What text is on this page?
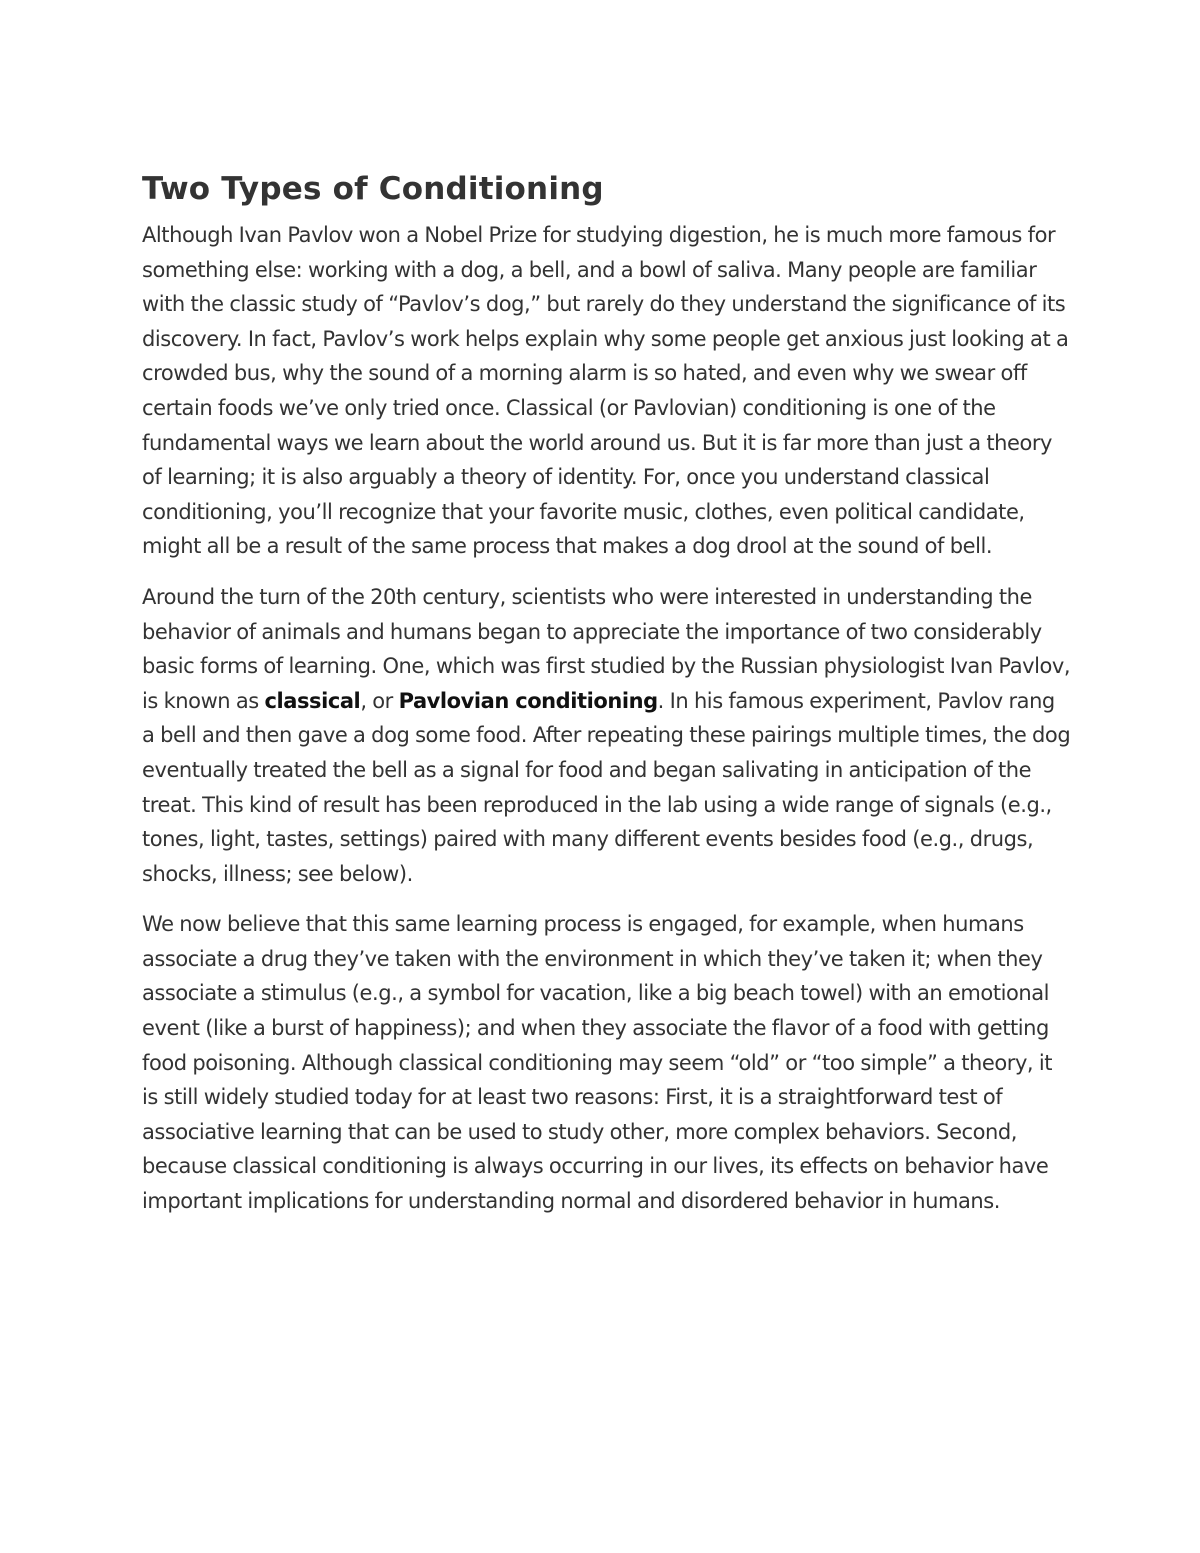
Two Types of Conditioning

Although Ivan Pavlov won a Nobel Prize for studying digestion, he is much more famous for something else: working with a dog, a bell, and a bowl of saliva. Many people are familiar with the classic study of “Pavlov’s dog,” but rarely do they understand the significance of its discovery. In fact, Pavlov’s work helps explain why some people get anxious just looking at a crowded bus, why the sound of a morning alarm is so hated, and even why we swear off certain foods we’ve only tried once. Classical (or Pavlovian) conditioning is one of the fundamental ways we learn about the world around us. But it is far more than just a theory of learning; it is also arguably a theory of identity. For, once you understand classical conditioning, you’ll recognize that your favorite music, clothes, even political candidate, might all be a result of the same process that makes a dog drool at the sound of bell.

Around the turn of the 20th century, scientists who were interested in understanding the behavior of animals and humans began to appreciate the importance of two considerably basic forms of learning. One, which was first studied by the Russian physiologist Ivan Pavlov, is known as classical, or Pavlovian conditioning. In his famous experiment, Pavlov rang a bell and then gave a dog some food. After repeating these pairings multiple times, the dog eventually treated the bell as a signal for food and began salivating in anticipation of the treat. This kind of result has been reproduced in the lab using a wide range of signals (e.g., tones, light, tastes, settings) paired with many different events besides food (e.g., drugs, shocks, illness; see below).

We now believe that this same learning process is engaged, for example, when humans associate a drug they’ve taken with the environment in which they’ve taken it; when they associate a stimulus (e.g., a symbol for vacation, like a big beach towel) with an emotional event (like a burst of happiness); and when they associate the flavor of a food with getting food poisoning. Although classical conditioning may seem “old” or “too simple” a theory, it is still widely studied today for at least two reasons: First, it is a straightforward test of associative learning that can be used to study other, more complex behaviors. Second, because classical conditioning is always occurring in our lives, its effects on behavior have important implications for understanding normal and disordered behavior in humans.
